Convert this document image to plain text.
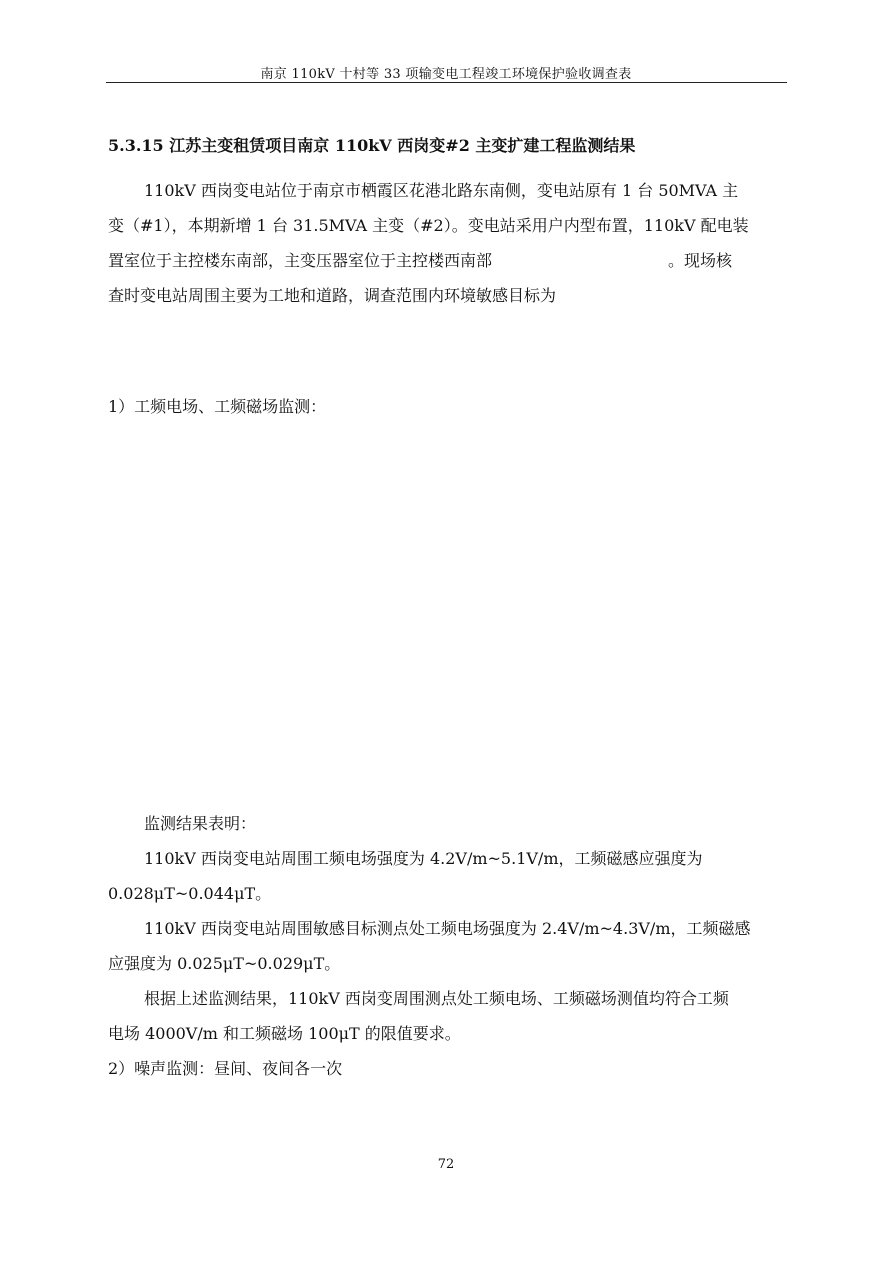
南京 110kV 十村等 33 项输变电工程竣工环境保护验收调查表
5.3.15 江苏主变租赁项目南京 110kV 西岗变#2 主变扩建工程监测结果
110kV 西岗变电站位于南京市栖霞区花港北路东南侧，变电站原有 1 台 50MVA 主
变（#1），本期新增 1 台 31.5MVA 主变（#2）。变电站采用户内型布置，110kV 配电装
置室位于主控楼东南部，主变压器室位于主控楼西南部	。现场核
查时变电站周围主要为工地和道路，调查范围内环境敏感目标为
1）工频电场、工频磁场监测：
监测结果表明：
110kV 西岗变电站周围工频电场强度为 4.2V/m~5.1V/m，工频磁感应强度为
0.028μT~0.044μT。
110kV 西岗变电站周围敏感目标测点处工频电场强度为 2.4V/m~4.3V/m，工频磁感
应强度为 0.025μT~0.029μT。
根据上述监测结果，110kV 西岗变周围测点处工频电场、工频磁场测值均符合工频
电场 4000V/m 和工频磁场 100μT 的限值要求。
2）噪声监测：昼间、夜间各一次
72
